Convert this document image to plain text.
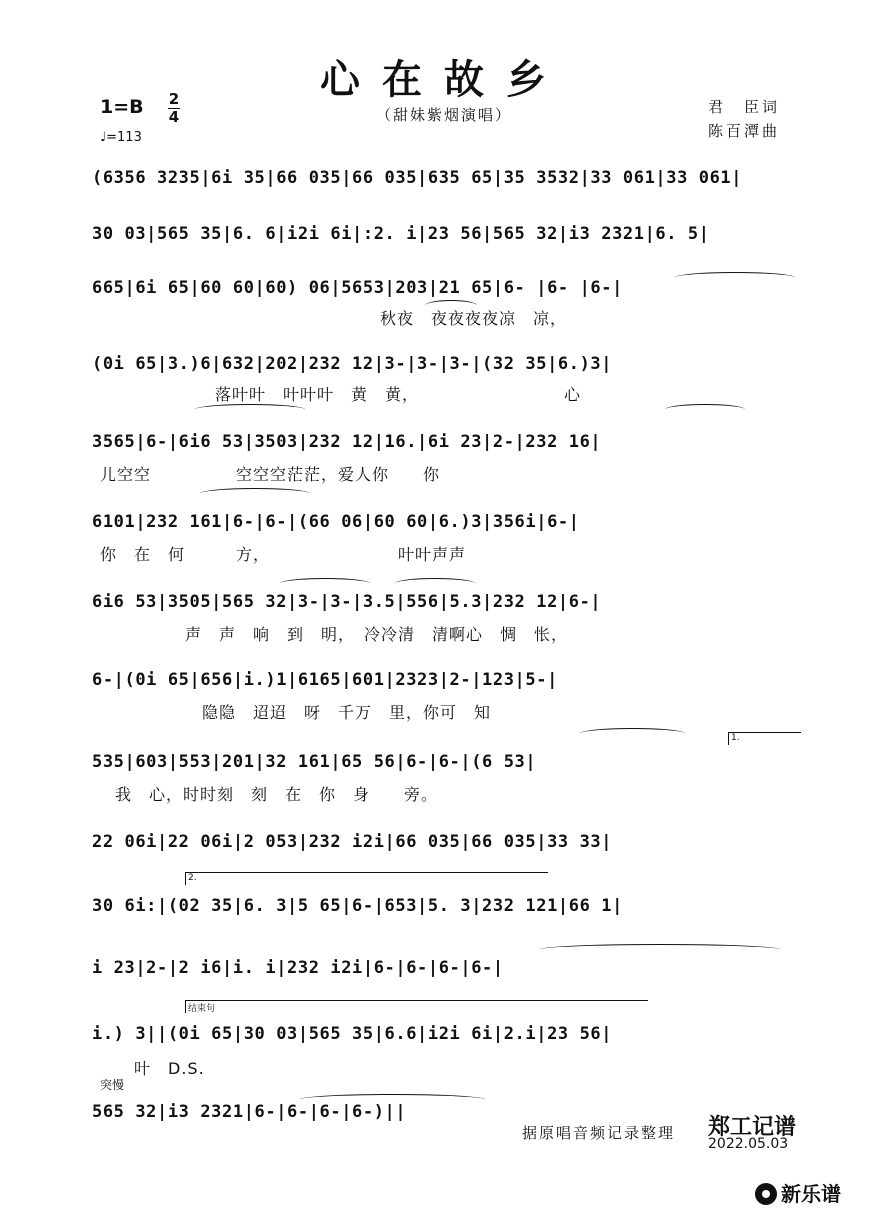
心在故乡
（甜妹紫烟演唱）
1=B 2
4
♩=113
君　臣词
陈百潭曲
(6356 3235|6i 35|66 035|66 035|635 65|35 3532|33 061|33 061|
30 03|565 35|6. 6|i2i 6i|:2. i|23 56|565 32|i3 2321|6. 5|
665|6i 65|60 60|60) 06|5653|203|21 65|6- |6- |6-|
秋夜　夜夜夜夜凉　凉，
(0i 65|3.)6|632|202|232 12|3-|3-|3-|(32 35|6.)3|
落叶叶　叶叶叶　黄　黄，　　　　　　　　　心
3565|6-|6i6 53|3503|232 12|16.|6i 23|2-|232 16|
儿空空　　　　　空空空茫茫，爱人你　　你
6101|232 161|6-|6-|(66 06|60 60|6.)3|356i|6-|
你　在　何　　　方，　　　　　　　　叶叶声声
6i6 53|3505|565 32|3-|3-|3.5|556|5.3|232 12|6-|
声　声　响　到　明，　冷冷清　清啊心　惆　怅，
6-|(0i 65|656|i.)1|6165|601|2323|2-|123|5-|
　　　　　　隐隐　迢迢　呀　千万　里，你可　知
1.
535|603|553|201|32 161|65 56|6-|6-|(6 53|
我　心，时时刻　刻　在　你　身　　旁。
22 06i|22 06i|2 053|232 i2i|66 035|66 035|33 33|
2.
30 6i:|(02 35|6. 3|5 65|6-|653|5. 3|232 121|66 1|
i 23|2-|2 i6|i. i|232 i2i|6-|6-|6-|6-|
结束句
i.) 3||(0i 65|30 03|565 35|6.6|i2i 6i|2.i|23 56|
叶　D.S.
突慢
565 32|i3 2321|6-|6-|6-|6-)||
据原唱音频记录整理 郑工记谱
2022.05.03
新乐谱
